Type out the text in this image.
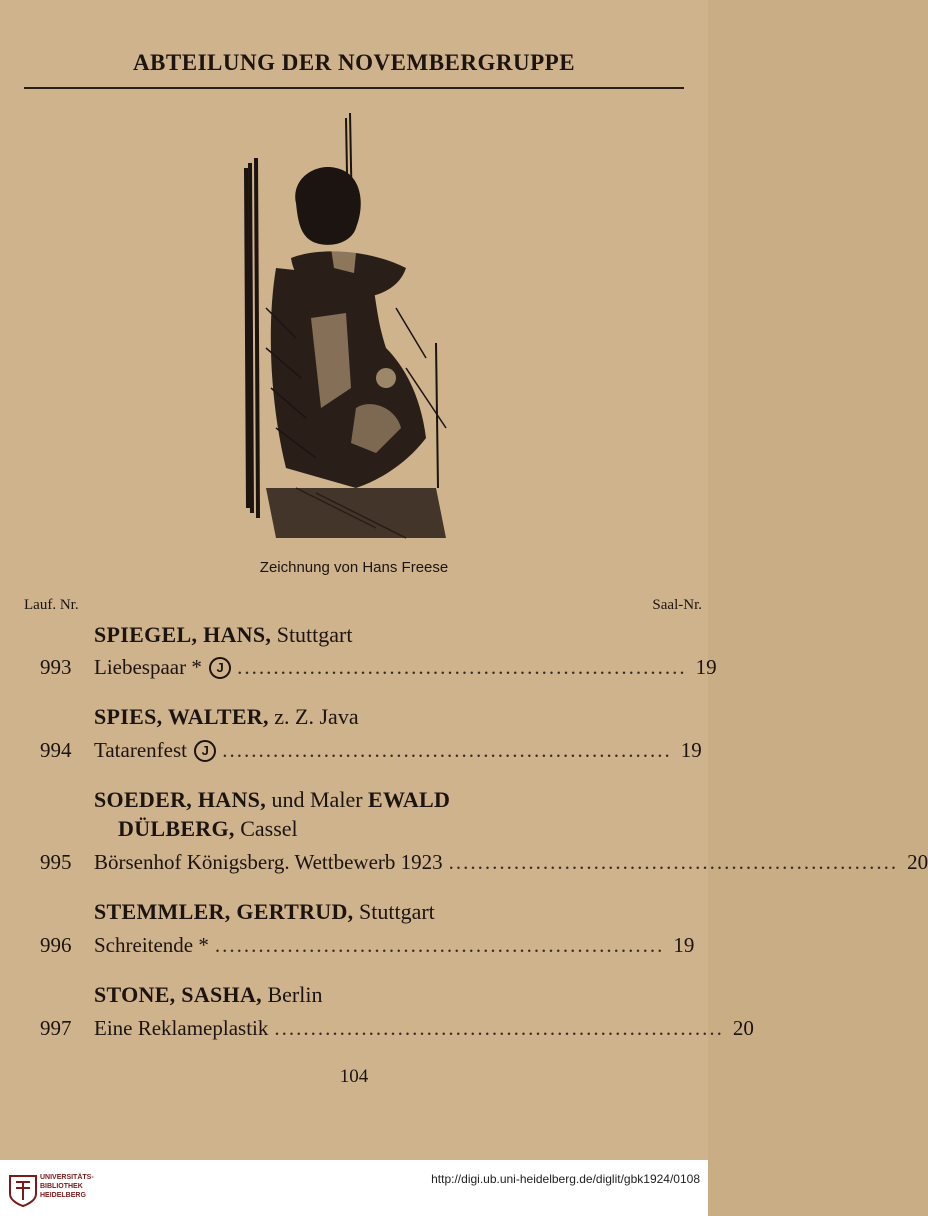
ABTEILUNG DER NOVEMBERGRUPPE
Zeichnung von Hans Freese
Lauf. Nr.	Saal-Nr.
SPIEGEL, HANS, Stuttgart
993	Liebespaar * J .............................................................. 19
SPIES, WALTER, z. Z. Java
994	Tatarenfest J .............................................................. 19
SOEDER, HANS, und Maler EWALD
DÜLBERG, Cassel
995	Börsenhof Königsberg. Wettbewerb 1923 .............................................................. 20
STEMMLER, GERTRUD, Stuttgart
996	Schreitende * .............................................................. 19
STONE, SASHA, Berlin
997	Eine Reklameplastik .............................................................. 20
104
UNIVERSITÄTS-
BIBLIOTHEK
HEIDELBERG
http://digi.ub.uni-heidelberg.de/diglit/gbk1924/0108
